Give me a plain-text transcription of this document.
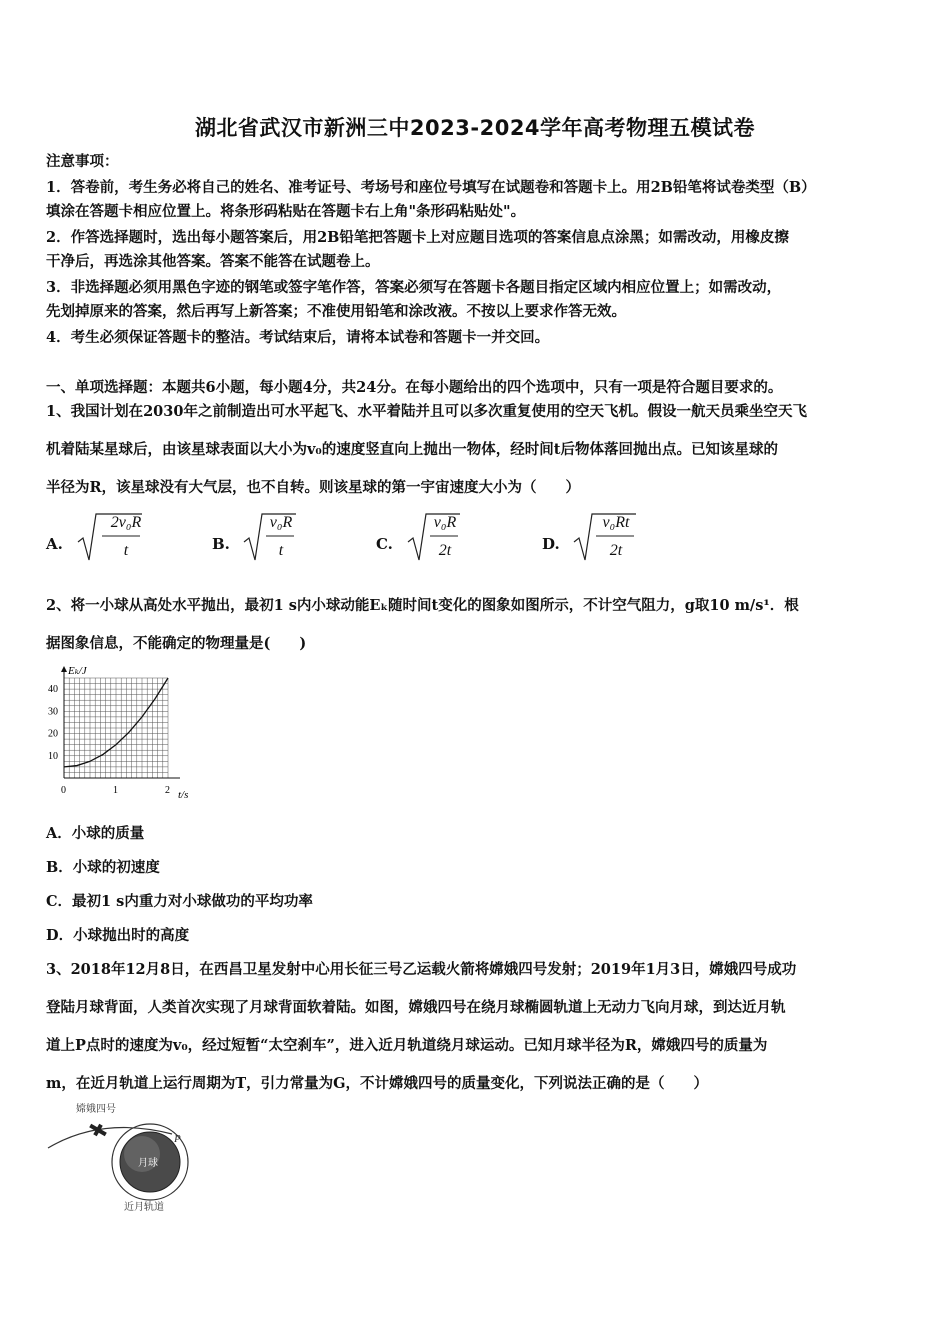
湖北省武汉市新洲三中2023-2024学年高考物理五模试卷
注意事项：
1．答卷前，考生务必将自己的姓名、准考证号、考场号和座位号填写在试题卷和答题卡上。用2B铅笔将试卷类型（B）
填涂在答题卡相应位置上。将条形码粘贴在答题卡右上角"条形码粘贴处"。
2．作答选择题时，选出每小题答案后，用2B铅笔把答题卡上对应题目选项的答案信息点涂黑；如需改动，用橡皮擦
干净后，再选涂其他答案。答案不能答在试题卷上。
3．非选择题必须用黑色字迹的钢笔或签字笔作答，答案必须写在答题卡各题目指定区域内相应位置上；如需改动，
先划掉原来的答案，然后再写上新答案；不准使用铅笔和涂改液。不按以上要求作答无效。
4．考生必须保证答题卡的整洁。考试结束后，请将本试卷和答题卡一并交回。
一、单项选择题：本题共6小题，每小题4分，共24分。在每小题给出的四个选项中，只有一项是符合题目要求的。
1、我国计划在2030年之前制造出可水平起飞、水平着陆并且可以多次重复使用的空天飞机。假设一航天员乘坐空天飞
机着陆某星球后，由该星球表面以大小为v₀的速度竖直向上抛出一物体，经时间t后物体落回抛出点。已知该星球的
半径为R，该星球没有大气层，也不自转。则该星球的第一宇宙速度大小为（　　）
A.
2v₀R
t	B.
v₀R
t	C.
v₀R
2t	D.
v₀Rt
2t
2、将一小球从高处水平抛出，最初1 s内小球动能Eₖ随时间t变化的图象如图所示，不计空气阻力，g取10 m/s¹．根
据图象信息，不能确定的物理量是(　　)
0	1	2
10
20
30
40
Eₖ/J
t/s
A．小球的质量
B．小球的初速度
C．最初1 s内重力对小球做功的平均功率
D．小球抛出时的高度
3、2018年12月8日，在西昌卫星发射中心用长征三号乙运载火箭将嫦娥四号发射；2019年1月3日，嫦娥四号成功
登陆月球背面，人类首次实现了月球背面软着陆。如图，嫦娥四号在绕月球椭圆轨道上无动力飞向月球，到达近月轨
道上P点时的速度为v₀，经过短暂“太空刹车”，进入近月轨道绕月球运动。已知月球半径为R，嫦娥四号的质量为
m，在近月轨道上运行周期为T，引力常量为G，不计嫦娥四号的质量变化，下列说法正确的是（　　）
嫦娥四号
月球
P
近月轨道
